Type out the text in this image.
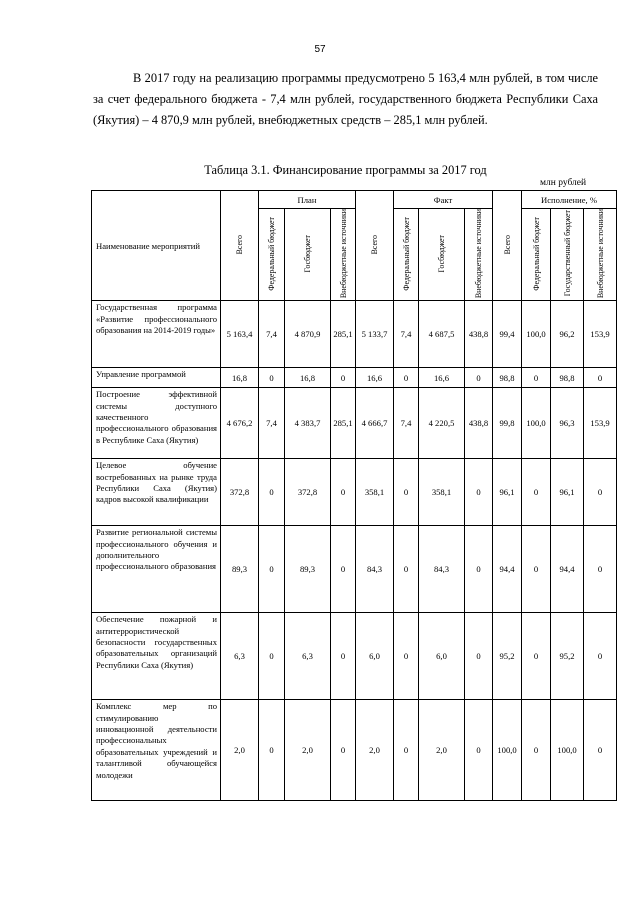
57
В 2017 году на реализацию программы предусмотрено 5 163,4 млн рублей, в том числе за счет федерального бюджета - 7,4 млн рублей, государственного бюджета Республики Саха (Якутия) – 4 870,9 млн рублей, внебюджетных средств – 285,1 млн рублей.
Таблица 3.1. Финансирование программы за 2017 год
млн рублей
Наименование мероприятий	Всего	План			Всего	Факт			Всего	Исполнение, %		
		Федеральный бюджет	Госбюджет	Внебюджетные источники		Федеральный бюджет	Госбюджет	Внебюджетные источники		Федеральный бюджет	Государственный бюджет	Внебюджетные источники
Государственная программа «Развитие профессионального образования на 2014-2019 годы»	5 163,4	7,4	4 870,9	285,1	5 133,7	7,4	4 687,5	438,8	99,4	100,0	96,2	153,9
Управление программой	16,8	0	16,8	0	16,6	0	16,6	0	98,8	0	98,8	0
Построение эффективной системы доступного качественного профессионального образования в Республике Саха (Якутия)	4 676,2	7,4	4 383,7	285,1	4 666,7	7,4	4 220,5	438,8	99,8	100,0	96,3	153,9
Целевое обучение востребованных на рынке труда Республики Саха (Якутия) кадров высокой квалификации	372,8	0	372,8	0	358,1	0	358,1	0	96,1	0	96,1	0
Развитие региональной системы профессионального обучения и дополнительного профессионального образования	89,3	0	89,3	0	84,3	0	84,3	0	94,4	0	94,4	0
Обеспечение пожарной и антитеррористической безопасности государственных образовательных организаций Республики Саха (Якутия)	6,3	0	6,3	0	6,0	0	6,0	0	95,2	0	95,2	0
Комплекс мер по стимулированию инновационной деятельности профессиональных образовательных учреждений и талантливой обучающейся молодежи	2,0	0	2,0	0	2,0	0	2,0	0	100,0	0	100,0	0
